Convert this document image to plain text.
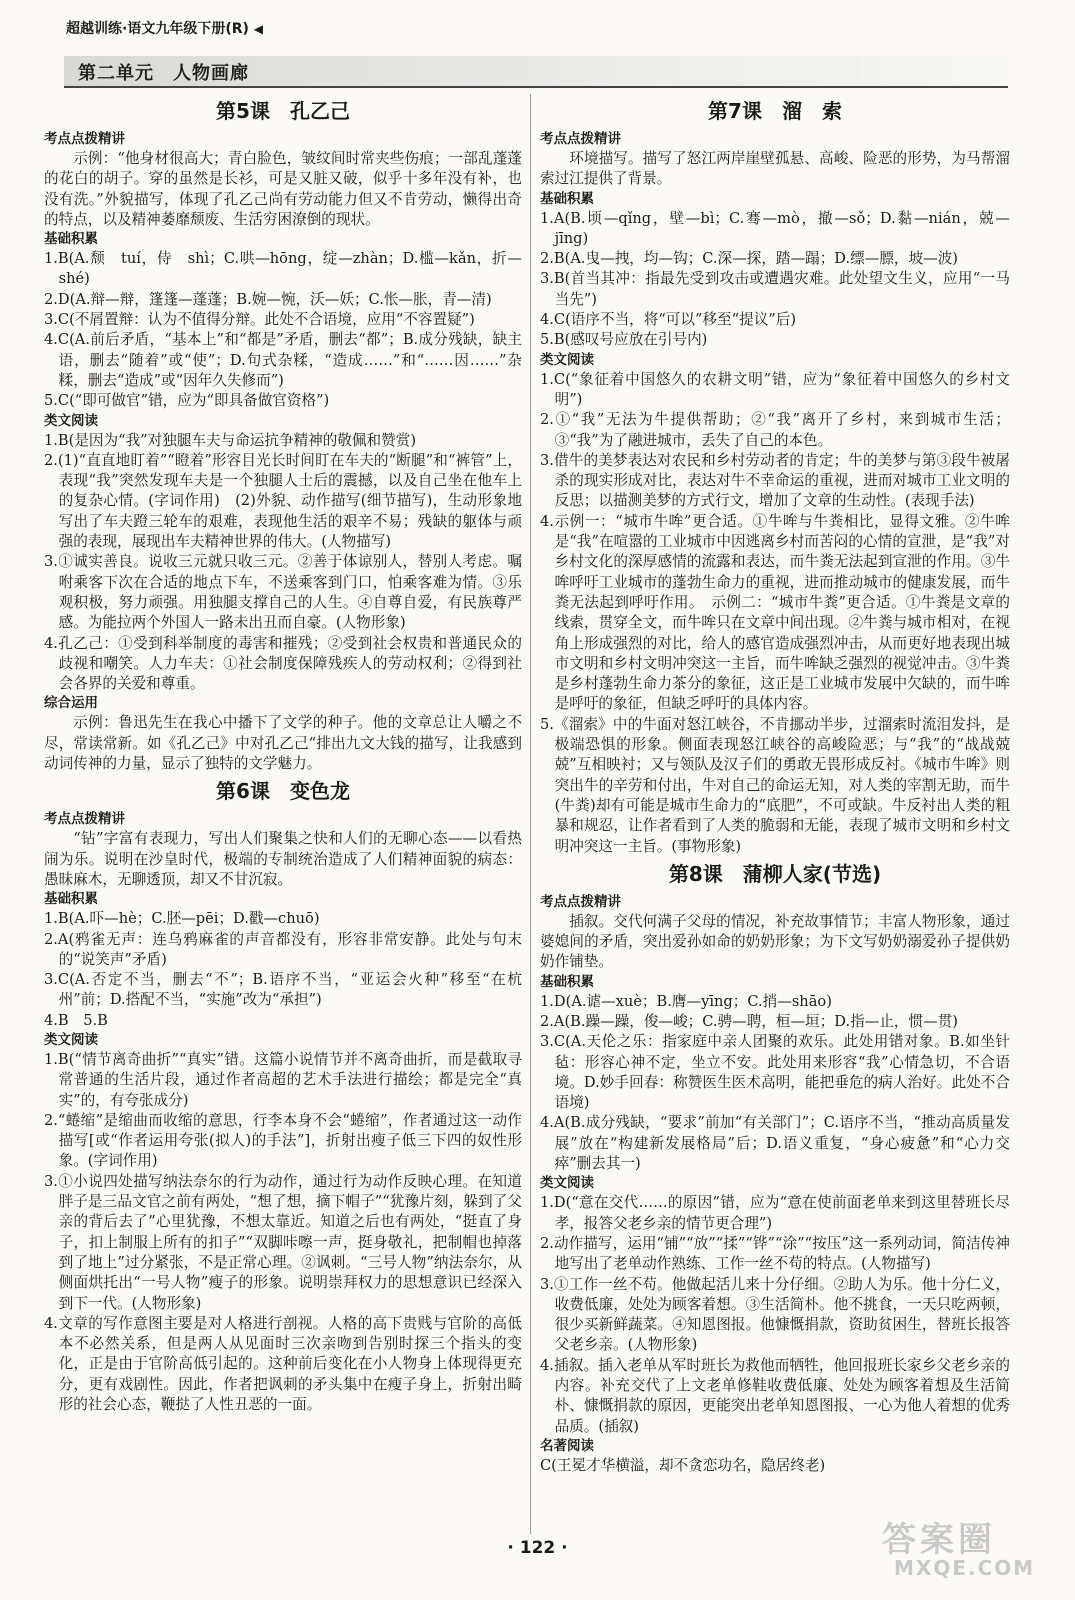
超越训练·语文九年级下册(R) ◀
第二单元　人物画廊
第5课　孔乙己
考点点拨精讲
示例：“他身材很高大；青白脸色，皱纹间时常夹些伤痕；一部乱蓬蓬的花白的胡子。穿的虽然是长衫，可是又脏又破，似乎十多年没有补，也没有洗。”外貌描写，体现了孔乙己尚有劳动能力但又不肯劳动，懒得出奇的特点，以及精神萎靡颓废、生活穷困潦倒的现状。
基础积累
1.B(A.颓　tuí，侍　shì；C.哄—hōng，绽—zhàn；D.槛—kǎn，折—shé)
2.D(A.辩—辩，篷篷—蓬蓬；B.婉—惋，沃—妖；C.怅—胀，青—清)
3.C(不屑置辩：认为不值得分辩。此处不合语境，应用“不容置疑”)
4.C(A.前后矛盾，“基本上”和“都是”矛盾，删去“都”；B.成分残缺，缺主语，删去“随着”或“使”；D.句式杂糅，“造成……”和“……因……”杂糅，删去“造成”或“因年久失修而”)
5.C(“即可做官”错，应为“即具备做官资格”)
类文阅读
1.B(是因为“我”对独腿车夫与命运抗争精神的敬佩和赞赏)
2.(1)“直直地盯着”“瞪着”形容目光长时间盯在车夫的“断腿”和“裤管”上，表现“我”突然发现车夫是一个独腿人士后的震撼，以及自己坐在他车上的复杂心情。(字词作用)　(2)外貌、动作描写(细节描写)，生动形象地写出了车夫蹬三轮车的艰难，表现他生活的艰辛不易；残缺的躯体与顽强的表现，展现出车夫精神世界的伟大。(人物描写)
3.①诚实善良。说收三元就只收三元。②善于体谅别人，替别人考虑。嘱咐乘客下次在合适的地点下车，不送乘客到门口，怕乘客难为情。③乐观积极，努力顽强。用独腿支撑自己的人生。④自尊自爱，有民族尊严感。为能拉两个外国人一路未出丑而自豪。(人物形象)
4.孔乙己：①受到科举制度的毒害和摧残；②受到社会权贵和普通民众的歧视和嘲笑。人力车夫：①社会制度保障残疾人的劳动权利；②得到社会各界的关爱和尊重。
综合运用
示例：鲁迅先生在我心中播下了文学的种子。他的文章总让人嚼之不尽，常读常新。如《孔乙己》中对孔乙己“排出九文大钱的描写，让我感到动词传神的力量，显示了独特的文学魅力。
第6课　变色龙
考点点拨精讲
“钻”字富有表现力，写出人们聚集之快和人们的无聊心态——以看热闹为乐。说明在沙皇时代，极端的专制统治造成了人们精神面貌的病态：愚昧麻木，无聊透顶，却又不甘沉寂。
基础积累
1.B(A.吓—hè；C.胚—pēi；D.戳—chuō)
2.A(鸦雀无声：连乌鸦麻雀的声音都没有，形容非常安静。此处与句末的“说笑声”矛盾)
3.C(A.否定不当，删去“不”；B.语序不当，“亚运会火种”移至“在杭州”前；D.搭配不当，“实施”改为“承担”)
4.B　5.B
类文阅读
1.B(“情节离奇曲折”“真实”错。这篇小说情节并不离奇曲折，而是截取寻常普通的生活片段，通过作者高超的艺术手法进行描绘；都是完全“真实”的，有夸张成分)
2.“蜷缩”是缩曲而收缩的意思，行李本身不会“蜷缩”，作者通过这一动作描写[或“作者运用夸张(拟人)的手法”]，折射出瘦子低三下四的奴性形象。(字词作用)
3.①小说四处描写纳法奈尔的行为动作，通过行为动作反映心理。在知道胖子是三品文官之前有两处，“想了想，摘下帽子”“犹豫片刻，躲到了父亲的背后去了”心里犹豫，不想太靠近。知道之后也有两处，“挺直了身子，扣上制服上所有的扣子”“双脚咔嚓一声，挺身敬礼，把制帽也掉落到了地上”过分紧张，不是正常心理。②讽刺。“三号人物”纳法奈尔，从侧面烘托出“一号人物”瘦子的形象。说明崇拜权力的思想意识已经深入到下一代。(人物形象)
4.文章的写作意图主要是对人格进行剖视。人格的高下贵贱与官阶的高低本不必然关系，但是两人从见面时三次亲吻到告别时探三个指头的变化，正是由于官阶高低引起的。这种前后变化在小人物身上体现得更充分，更有戏剧性。因此，作者把讽刺的矛头集中在瘦子身上，折射出畸形的社会心态，鞭挞了人性丑恶的一面。
第7课　溜　索
考点点拨精讲
环境描写。描写了怒江两岸崖壁孤悬、高峻、险恶的形势，为马帮溜索过江提供了背景。
基础积累
1.A(B.顷—qǐng，壁—bì；C.骞—mò，撤—sǒ；D.黏—nián，兢—jīng)
2.B(A.曳—拽，均—钩；C.深—探，踏—蹋；D.缥—膘，坡—波)
3.B(首当其冲：指最先受到攻击或遭遇灾难。此处望文生义，应用“一马当先”)
4.C(语序不当，将“可以”移至“提议”后)
5.B(感叹号应放在引号内)
类文阅读
1.C(“象征着中国悠久的农耕文明”错，应为“象征着中国悠久的乡村文明”)
2.①“我”无法为牛提供帮助；②“我”离开了乡村，来到城市生活；③“我”为了融进城市，丢失了自己的本色。
3.借牛的美梦表达对农民和乡村劳动者的肯定；牛的美梦与第③段牛被屠杀的现实形成对比，表达对牛不幸命运的重视，进而对城市工业文明的反思；以描测美梦的方式行文，增加了文章的生动性。(表现手法)
4.示例一：“城市牛哞”更合适。①牛哞与牛粪相比，显得文雅。②牛哞是“我”在喧嚣的工业城市中因逃离乡村而苦闷的心情的宣泄，是“我”对乡村文化的深厚感情的流露和表达，而牛粪无法起到宣泄的作用。③牛哞呼吁工业城市的蓬勃生命力的重视，进而推动城市的健康发展，而牛粪无法起到呼吁作用。　示例二：“城市牛粪”更合适。①牛粪是文章的线索，贯穿全文，而牛哞只在文章中间出现。②牛粪与城市相对，在视角上形成强烈的对比，给人的感官造成强烈冲击，从而更好地表现出城市文明和乡村文明冲突这一主旨，而牛哞缺乏强烈的视觉冲击。③牛粪是乡村蓬勃生命力茶分的象征，这正是工业城市发展中欠缺的，而牛哞是呼吁的象征，但缺乏呼吁的具体内容。
5.《溜索》中的牛面对怒江峡谷，不肯挪动半步，过溜索时流泪发抖，是极端恐惧的形象。侧面表现怒江峡谷的高峻险恶；与“我”的“战战兢兢”互相映衬；又与领队及汉子们的勇敢无畏形成反衬。《城市牛哞》则突出牛的辛劳和付出，牛对自己的命运无知，对人类的宰割无助，而牛(牛粪)却有可能是城市生命力的“底肥”，不可或缺。牛反衬出人类的粗暴和规忍，让作者看到了人类的脆弱和无能，表现了城市文明和乡村文明冲突这一主旨。(事物形象)
第8课　蒲柳人家(节选)
考点点拨精讲
插叙。交代何满子父母的情况，补充故事情节；丰富人物形象，通过婆媳间的矛盾，突出爱孙如命的奶奶形象；为下文写奶奶溺爱孙子提供奶奶作铺垫。
基础积累
1.D(A.谑—xuè；B.膺—yīng；C.捎—shāo)
2.A(B.躁—躁，俊—峻；C.骋—聘，桓—垣；D.指—止，惯—贯)
3.C(A.天伦之乐：指家庭中亲人团聚的欢乐。此处用错对象。B.如坐针毡：形容心神不定，坐立不安。此处用来形容“我”心情急切，不合语境。D.妙手回春：称赞医生医术高明，能把垂危的病人治好。此处不合语境)
4.A(B.成分残缺，“要求”前加“有关部门”；C.语序不当，“推动高质量发展”放在“构建新发展格局”后；D.语义重复，“身心疲惫”和“心力交瘁”删去其一)
类文阅读
1.D(“意在交代……的原因”错，应为“意在使前面老单来到这里替班长尽孝，报答父老乡亲的情节更合理”)
2.动作描写，运用“铺”“放”“揉”“铧”“涂”“按压”这一系列动词，简洁传神地写出了老单动作熟练、工作一丝不苟的特点。(人物描写)
3.①工作一丝不苟。他做起活儿来十分仔细。②助人为乐。他十分仁义，收费低廉，处处为顾客着想。③生活简朴。他不挑食，一天只吃两顿，很少买新鲜蔬菜。④知恩图报。他慷慨捐款，资助贫困生，替班长报答父老乡亲。(人物形象)
4.插叙。插入老单从军时班长为救他而牺牲，他回报班长家乡父老乡亲的内容。补充交代了上文老单修鞋收费低廉、处处为顾客着想及生活简朴、慷慨捐款的原因，更能突出老单知恩图报、一心为他人着想的优秀品质。(插叙)
名著阅读
C(王冕才华横溢，却不贪恋功名，隐居终老)
· 122 ·	答案圈
MXQE.COM
